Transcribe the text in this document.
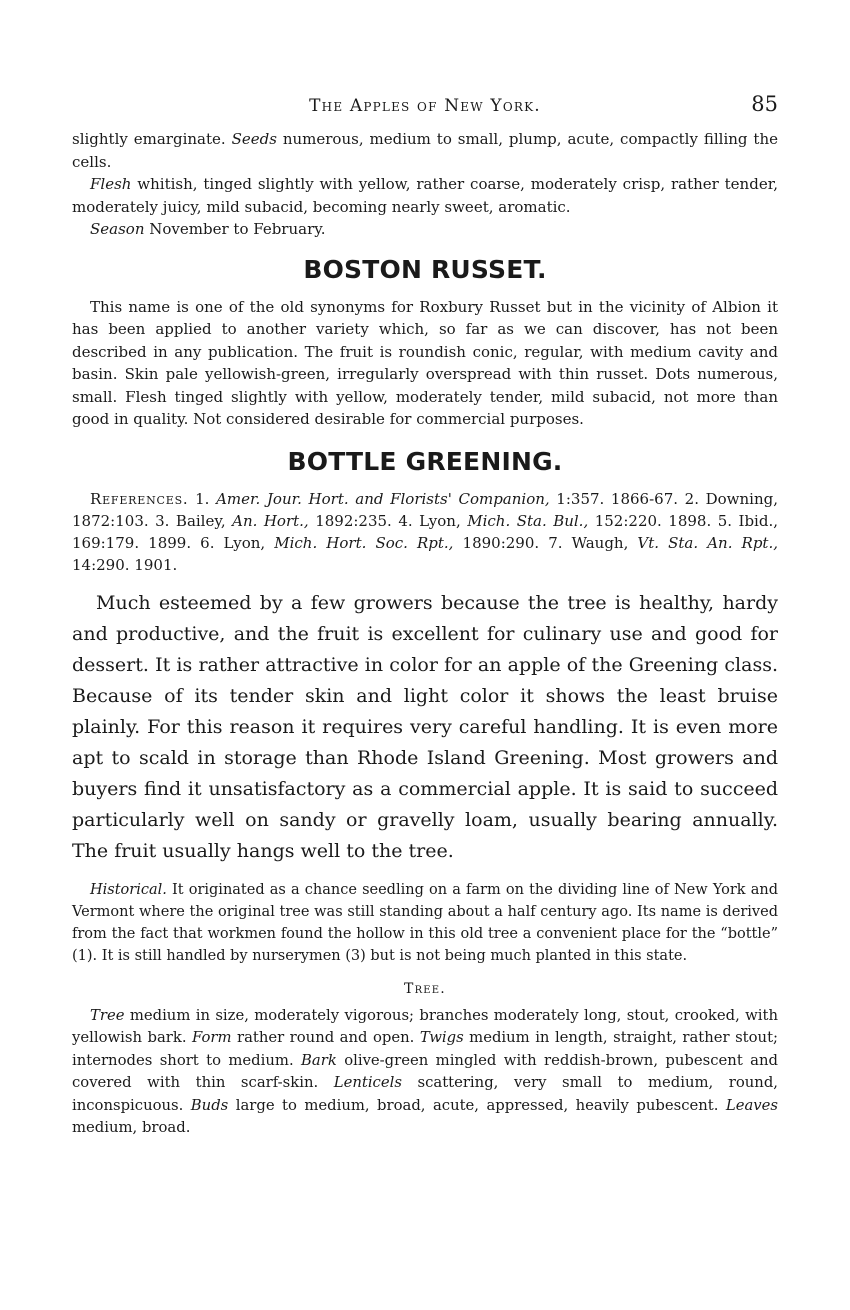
The Apples of New York.	85

slightly emarginate. Seeds numerous, medium to small, plump, acute, compactly filling the cells.

Flesh whitish, tinged slightly with yellow, rather coarse, moderately crisp, rather tender, moderately juicy, mild subacid, becoming nearly sweet, aromatic.

Season November to February.

BOSTON RUSSET.

This name is one of the old synonyms for Roxbury Russet but in the vicinity of Albion it has been applied to another variety which, so far as we can discover, has not been described in any publication. The fruit is roundish conic, regular, with medium cavity and basin. Skin pale yellowish-green, irregularly overspread with thin russet. Dots numerous, small. Flesh tinged slightly with yellow, moderately tender, mild subacid, not more than good in quality. Not considered desirable for commercial purposes.

BOTTLE GREENING.

References. 1. Amer. Jour. Hort. and Florists' Companion, 1:357. 1866-67. 2. Downing, 1872:103. 3. Bailey, An. Hort., 1892:235. 4. Lyon, Mich. Sta. Bul., 152:220. 1898. 5. Ibid., 169:179. 1899. 6. Lyon, Mich. Hort. Soc. Rpt., 1890:290. 7. Waugh, Vt. Sta. An. Rpt., 14:290. 1901.

Much esteemed by a few growers because the tree is healthy, hardy and productive, and the fruit is excellent for culinary use and good for dessert. It is rather attractive in color for an apple of the Greening class. Because of its tender skin and light color it shows the least bruise plainly. For this reason it requires very careful handling. It is even more apt to scald in storage than Rhode Island Greening. Most growers and buyers find it unsatisfactory as a commercial apple. It is said to succeed particularly well on sandy or gravelly loam, usually bearing annually. The fruit usually hangs well to the tree.

Historical. It originated as a chance seedling on a farm on the dividing line of New York and Vermont where the original tree was still standing about a half century ago. Its name is derived from the fact that workmen found the hollow in this old tree a convenient place for the “bottle” (1). It is still handled by nurserymen (3) but is not being much planted in this state.

Tree.

Tree medium in size, moderately vigorous; branches moderately long, stout, crooked, with yellowish bark. Form rather round and open. Twigs medium in length, straight, rather stout; internodes short to medium. Bark olive-green mingled with reddish-brown, pubescent and covered with thin scarf-skin. Lenticels scattering, very small to medium, round, inconspicuous. Buds large to medium, broad, acute, appressed, heavily pubescent. Leaves medium, broad.
